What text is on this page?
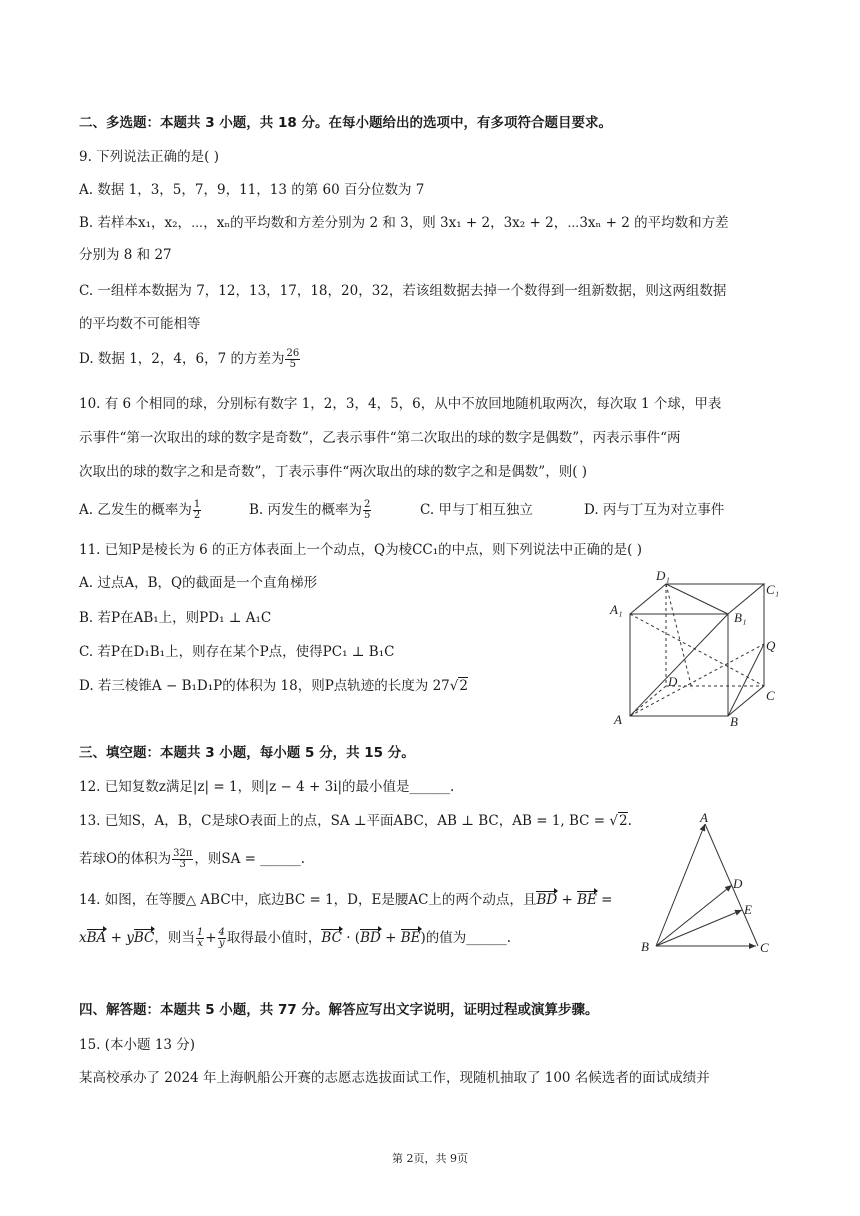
二、多选题：本题共 3 小题，共 18 分。在每小题给出的选项中，有多项符合题目要求。
9. 下列说法正确的是( )
A. 数据 1，3，5，7，9，11，13 的第 60 百分位数为 7
B. 若样本x₁，x₂，⋯，xₙ的平均数和方差分别为 2 和 3，则 3x₁ + 2，3x₂ + 2，⋯3xₙ + 2 的平均数和方差
分别为 8 和 27
C. 一组样本数据为 7，12，13，17，18，20，32，若该组数据去掉一个数得到一组新数据，则这两组数据
的平均数不可能相等
D. 数据 1，2，4，6，7 的方差为 $\frac{26}{5}$
10. 有 6 个相同的球，分别标有数字 1，2，3，4，5，6，从中不放回地随机取两次，每次取 1 个球，甲表
示事件“第一次取出的球的数字是奇数”，乙表示事件“第二次取出的球的数字是偶数”，丙表示事件“两
次取出的球的数字之和是奇数”，丁表示事件“两次取出的球的数字之和是偶数”，则( )
A. 乙发生的概率为 $\frac{1}{2}$	B. 丙发生的概率为 $\frac{2}{5}$	C. 甲与丁相互独立	D. 丙与丁互为对立事件
11. 已知P是棱长为 6 的正方体表面上一个动点，Q为棱CC₁的中点，则下列说法中正确的是( )
A. 过点A，B，Q的截面是一个直角梯形
B. 若P在AB₁上，则PD₁ ⊥ A₁C
C. 若P在D₁B₁上，则存在某个P点，使得PC₁ ⊥ B₁C
D. 若三棱锥A − B₁D₁P的体积为 18，则P点轨迹的长度为 27√2
A	B
C
D
A₁
B₁
C₁
D₁
Q
三、填空题：本题共 3 小题，每小题 5 分，共 15 分。
12. 已知复数z满足|z| = 1，则|z − 4 + 3i|的最小值是______.
13. 已知S，A，B，C是球O表面上的点，SA ⊥平面ABC，AB ⊥ BC，AB = 1, BC = √2.
若球O的体积为 $\frac{32\pi}{3}$ ，则SA = ______.
14. 如图，在等腰△ ABC中，底边BC = 1，D，E是腰AC上的两个动点，且BD + BE =
xBA + yBC，则当 $\frac{1}{x} + \frac{4}{y}$ 取得最小值时，BC · (BD + BE)的值为______.
A
B	C
D
E
四、解答题：本题共 5 小题，共 77 分。解答应写出文字说明，证明过程或演算步骤。
15. (本小题 13 分)
某高校承办了 2024 年上海帆船公开赛的志愿志选拔面试工作，现随机抽取了 100 名候选者的面试成绩并
第 2页，共 9页
